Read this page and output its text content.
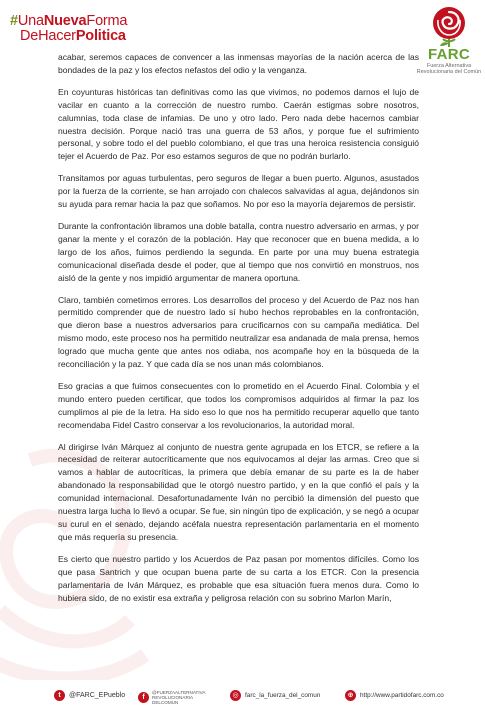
#UnaNuevaForma
DeHacerPolitica
FARC
Fuerza Alternativa
Revolucionaria del Común

acabar, seremos capaces de convencer a las inmensas mayorías de la nación acerca de las bondades de la paz y los efectos nefastos del odio y la venganza.

En coyunturas históricas tan definitivas como las que vivimos, no podemos darnos el lujo de vacilar en cuanto a la corrección de nuestro rumbo. Caerán estigmas sobre nosotros, calumnias, toda clase de infamias. De uno y otro lado. Pero nada debe hacernos cambiar nuestra decisión. Porque nació tras una guerra de 53 años, y porque fue el sufrimiento personal, y sobre todo el del pueblo colombiano, el que tras una heroica resistencia consiguió tejer el Acuerdo de Paz. Por eso estamos seguros de que no podrán burlarlo.

Transitamos por aguas turbulentas, pero seguros de llegar a buen puerto. Algunos, asustados por la fuerza de la corriente, se han arrojado con chalecos salvavidas al agua, dejándonos sin su ayuda para remar hacia la paz que soñamos. No por eso la mayoría dejaremos de persistir.

Durante la confrontación libramos una doble batalla, contra nuestro adversario en armas, y por ganar la mente y el corazón de la población. Hay que reconocer que en buena medida, a lo largo de los años, fuimos perdiendo la segunda. En parte por una muy buena estrategia comunicacional diseñada desde el poder, que al tiempo que nos convirtió en monstruos, nos aisló de la gente y nos impidió argumentar de manera oportuna.

Claro, también cometimos errores. Los desarrollos del proceso y del Acuerdo de Paz nos han permitido comprender que de nuestro lado sí hubo hechos reprobables en la confrontación, que dieron base a nuestros adversarios para crucificarnos con su campaña mediática. Del mismo modo, este proceso nos ha permitido neutralizar esa andanada de mala prensa, hemos logrado que mucha gente que antes nos odiaba, nos acompañe hoy en la búsqueda de la reconciliación y la paz. Y que cada día se nos unan más colombianos.

Eso gracias a que fuimos consecuentes con lo prometido en el Acuerdo Final. Colombia y el mundo entero pueden certificar, que todos los compromisos adquiridos al firmar la paz los cumplimos al pie de la letra. Ha sido eso lo que nos ha permitido recuperar aquello que tanto recomendaba Fidel Castro conservar a los revolucionarios, la autoridad moral.

Al dirigirse Iván Márquez al conjunto de nuestra gente agrupada en los ETCR, se refiere a la necesidad de reiterar autocríticamente que nos equivocamos al dejar las armas. Creo que si vamos a hablar de autocríticas, la primera que debía emanar de su parte es la de haber abandonado la responsabilidad que le otorgó nuestro partido, y en la que confió el país y la comunidad internacional. Desafortunadamente Iván no percibió la dimensión del puesto que nuestra larga lucha lo llevó a ocupar. Se fue, sin ningún tipo de explicación, y se negó a ocupar su curul en el senado, dejando acéfala nuestra representación parlamentaria en el momento que más requería su presencia.

Es cierto que nuestro partido y los Acuerdos de Paz pasan por momentos difíciles. Como los que pasa Santrich y que ocupan buena parte de su carta a los ETCR. Con la presencia parlamentaria de Iván Márquez, es probable que esa situación fuera menos dura. Como lo hubiera sido, de no existir esa extraña y peligrosa relación con su sobrino Marlon Marín,

t	@FARC_EPueblo	f
@FUERZAALTERNATIVA
REVOLUCIONARIA
DELCOMUN
◎	farc_la_fuerza_del_comun	⊕	http://www.partidofarc.com.co
